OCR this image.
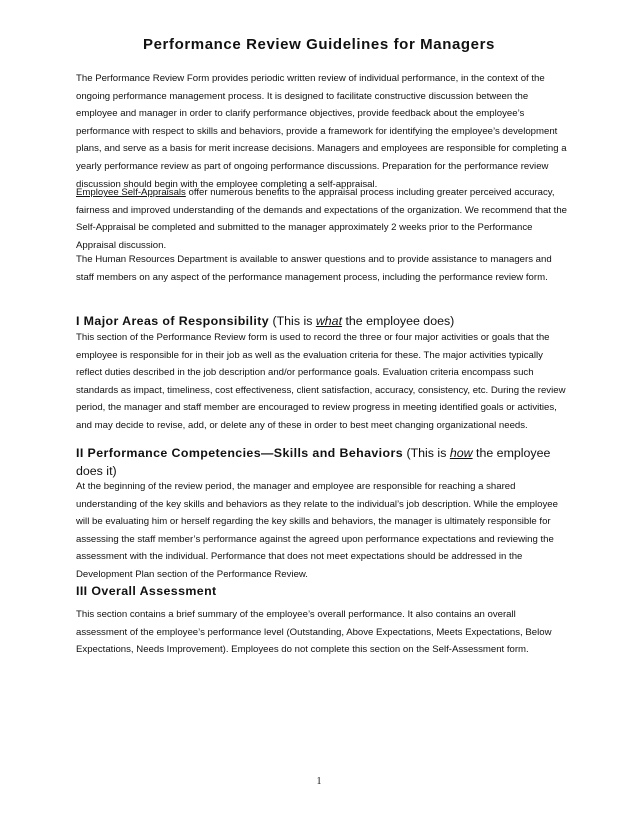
Performance Review Guidelines for Managers

The Performance Review Form provides periodic written review of individual performance, in the context of the ongoing performance management process. It is designed to facilitate constructive discussion between the employee and manager in order to clarify performance objectives, provide feedback about the employee’s performance with respect to skills and behaviors, provide a framework for identifying the employee’s development plans, and serve as a basis for merit increase decisions. Managers and employees are responsible for completing a yearly performance review as part of ongoing performance discussions. Preparation for the performance review discussion should begin with the employee completing a self-appraisal.

Employee Self-Appraisals offer numerous benefits to the appraisal process including greater perceived accuracy, fairness and improved understanding of the demands and expectations of the organization. We recommend that the Self-Appraisal be completed and submitted to the manager approximately 2 weeks prior to the Performance Appraisal discussion.

The Human Resources Department is available to answer questions and to provide assistance to managers and staff members on any aspect of the performance management process, including the performance review form.

I Major Areas of Responsibility (This is what the employee does)

This section of the Performance Review form is used to record the three or four major activities or goals that the employee is responsible for in their job as well as the evaluation criteria for these. The major activities typically reflect duties described in the job description and/or performance goals. Evaluation criteria encompass such standards as impact, timeliness, cost effectiveness, client satisfaction, accuracy, consistency, etc. During the review period, the manager and staff member are encouraged to review progress in meeting identified goals or activities, and may decide to revise, add, or delete any of these in order to best meet changing organizational needs.

II Performance Competencies—Skills and Behaviors (This is how the employee does it)

At the beginning of the review period, the manager and employee are responsible for reaching a shared understanding of the key skills and behaviors as they relate to the individual’s job description. While the employee will be evaluating him or herself regarding the key skills and behaviors, the manager is ultimately responsible for assessing the staff member’s performance against the agreed upon performance expectations and reviewing the assessment with the individual. Performance that does not meet expectations should be addressed in the Development Plan section of the Performance Review.

III Overall Assessment

This section contains a brief summary of the employee’s overall performance. It also contains an overall assessment of the employee’s performance level (Outstanding, Above Expectations, Meets Expectations, Below Expectations, Needs Improvement). Employees do not complete this section on the Self-Assessment form.

1
